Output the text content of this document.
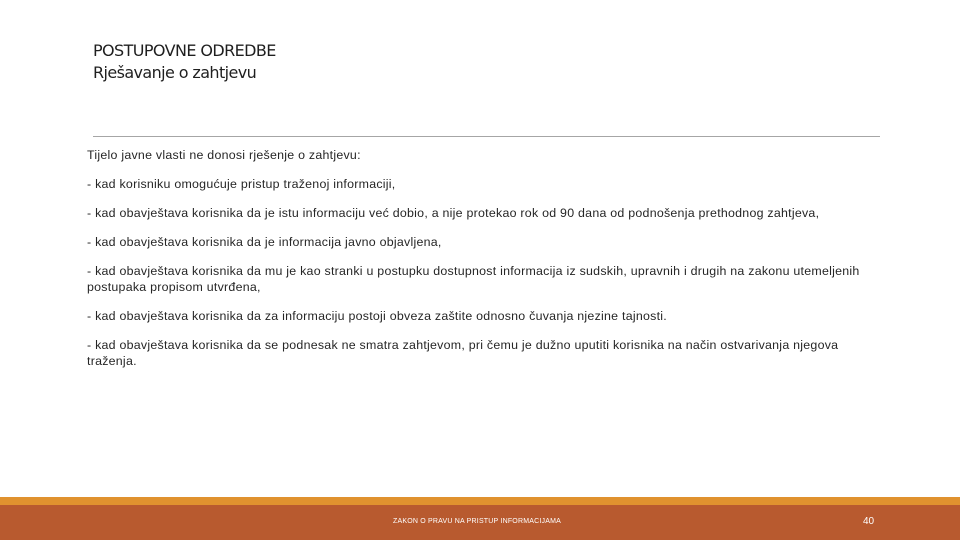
POSTUPOVNE ODREDBE
Rješavanje o zahtjevu

Tijelo javne vlasti ne donosi rješenje o zahtjevu:

- kad korisniku omogućuje pristup traženoj informaciji,

- kad obavještava korisnika da je istu informaciju već dobio, a nije protekao rok od 90 dana od podnošenja prethodnog zahtjeva,

- kad obavještava korisnika da je informacija javno objavljena,

- kad obavještava korisnika da mu je kao stranki u postupku dostupnost informacija iz sudskih, upravnih i drugih na zakonu utemeljenih postupaka propisom utvrđena,

- kad obavještava korisnika da za informaciju postoji obveza zaštite odnosno čuvanja njezine tajnosti.

- kad obavještava korisnika da se podnesak ne smatra zahtjevom, pri čemu je dužno uputiti korisnika na način ostvarivanja njegova traženja.

ZAKON O PRAVU NA PRISTUP INFORMACIJAMA	40
